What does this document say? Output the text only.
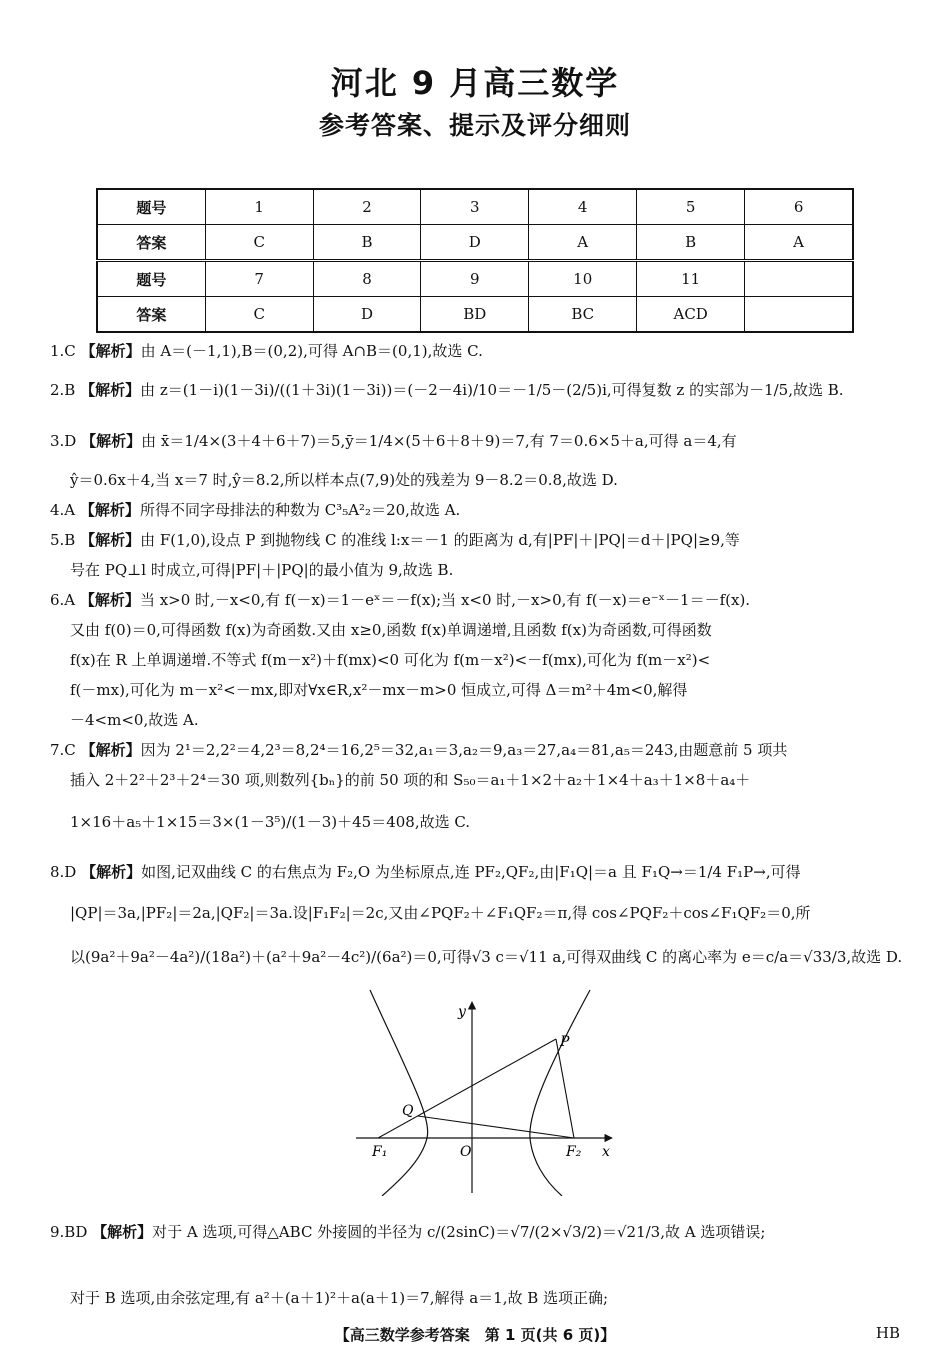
河北 9 月高三数学
参考答案、提示及评分细则
题号	1	2	3	4	5	6
答案	C	B	D	A	B	A
题号	7	8	9	10	11	
答案	C	D	BD	BC	ACD	
1.C 【解析】由 A＝(－1,1),B＝(0,2),可得 A∩B＝(0,1),故选 C.
2.B 【解析】由 z＝(1－i)(1－3i)/((1＋3i)(1－3i))＝(－2－4i)/10＝－1/5－(2/5)i,可得复数 z 的实部为－1/5,故选 B.
3.D 【解析】由 x̄＝1/4×(3＋4＋6＋7)＝5,ȳ＝1/4×(5＋6＋8＋9)＝7,有 7＝0.6×5＋a,可得 a＝4,有
ŷ＝0.6x＋4,当 x＝7 时,ŷ＝8.2,所以样本点(7,9)处的残差为 9－8.2＝0.8,故选 D.
4.A 【解析】所得不同字母排法的种数为 C³₅A²₂＝20,故选 A.
5.B 【解析】由 F(1,0),设点 P 到抛物线 C 的准线 l:x＝－1 的距离为 d,有|PF|＋|PQ|＝d＋|PQ|≥9,等
号在 PQ⊥l 时成立,可得|PF|＋|PQ|的最小值为 9,故选 B.
6.A 【解析】当 x>0 时,－x<0,有 f(－x)＝1－eˣ＝－f(x);当 x<0 时,－x>0,有 f(－x)＝e⁻ˣ－1＝－f(x).
又由 f(0)＝0,可得函数 f(x)为奇函数.又由 x≥0,函数 f(x)单调递增,且函数 f(x)为奇函数,可得函数
f(x)在 R 上单调递增.不等式 f(m－x²)＋f(mx)<0 可化为 f(m－x²)<－f(mx),可化为 f(m－x²)<
f(－mx),可化为 m－x²<－mx,即对∀x∈R,x²－mx－m>0 恒成立,可得 Δ＝m²＋4m<0,解得
－4<m<0,故选 A.
7.C 【解析】因为 2¹＝2,2²＝4,2³＝8,2⁴＝16,2⁵＝32,a₁＝3,a₂＝9,a₃＝27,a₄＝81,a₅＝243,由题意前 5 项共
插入 2＋2²＋2³＋2⁴＝30 项,则数列{bₙ}的前 50 项的和 S₅₀＝a₁＋1×2＋a₂＋1×4＋a₃＋1×8＋a₄＋
1×16＋a₅＋1×15＝3×(1－3⁵)/(1－3)＋45＝408,故选 C.
8.D 【解析】如图,记双曲线 C 的右焦点为 F₂,O 为坐标原点,连 PF₂,QF₂,由|F₁Q|＝a 且 F₁Q→＝1/4 F₁P→,可得
|QP|＝3a,|PF₂|＝2a,|QF₂|＝3a.设|F₁F₂|＝2c,又由∠PQF₂＋∠F₁QF₂＝π,得 cos∠PQF₂＋cos∠F₁QF₂＝0,所
以(9a²＋9a²－4a²)/(18a²)＋(a²＋9a²－4c²)/(6a²)＝0,可得√3 c＝√11 a,可得双曲线 C 的离心率为 e＝c/a＝√33/3,故选 D.
y
P
Q
F₁	O	F₂ x
9.BD 【解析】对于 A 选项,可得△ABC 外接圆的半径为 c/(2sinC)＝√7/(2×√3/2)＝√21/3,故 A 选项错误;
对于 B 选项,由余弦定理,有 a²＋(a＋1)²＋a(a＋1)＝7,解得 a＝1,故 B 选项正确;
【高三数学参考答案　第 1 页(共 6 页)】	HB
